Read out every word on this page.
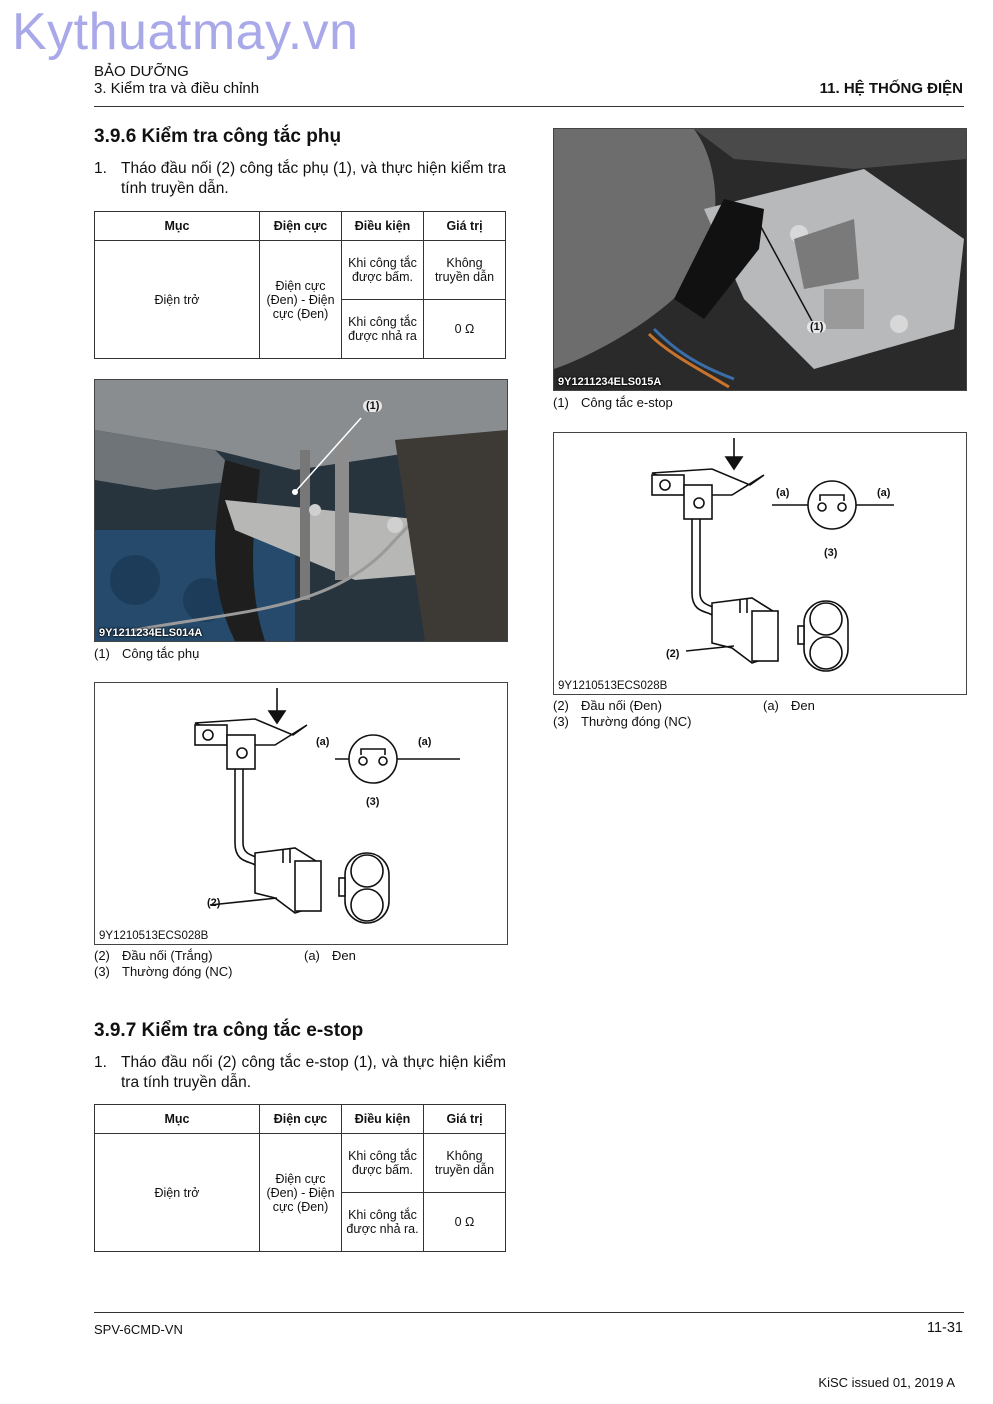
Kythuatmay.vn
BẢO DƯỠNG
3. Kiểm tra và điều chỉnh	11. HỆ THỐNG ĐIỆN
3.9.6 Kiểm tra công tắc phụ
1. Tháo đầu nối (2) công tắc phụ (1), và thực hiện kiểm tra tính truyền dẫn.
Mục	Điện cực	Điều kiện	Giá trị
Điện trở	Điện cực (Đen) - Điện cực (Đen)	Khi công tắc được bấm.	Không truyền dẫn
		Khi công tắc được nhả ra	0 Ω
(1)
9Y1211234ELS014A
(1) Công tắc phụ
(a)	(a)
(3)
(2)
9Y1210513ECS028B
(2) Đầu nối (Trắng)	(a) Đen
(3) Thường đóng (NC)
3.9.7 Kiểm tra công tắc e-stop
1. Tháo đầu nối (2) công tắc e-stop (1), và thực hiện kiểm tra tính truyền dẫn.
Mục	Điện cực	Điều kiện	Giá trị
Điện trở	Điện cực (Đen) - Điện cực (Đen)	Khi công tắc được bấm.	Không truyền dẫn
		Khi công tắc được nhả ra.	0 Ω
(1)
9Y1211234ELS015A
(1) Công tắc e-stop
(a)	(a)
(3)
(2)
9Y1210513ECS028B
(2) Đầu nối (Đen)	(a) Đen
(3) Thường đóng (NC)
SPV-6CMD-VN	11-31
KiSC issued 01, 2019 A
